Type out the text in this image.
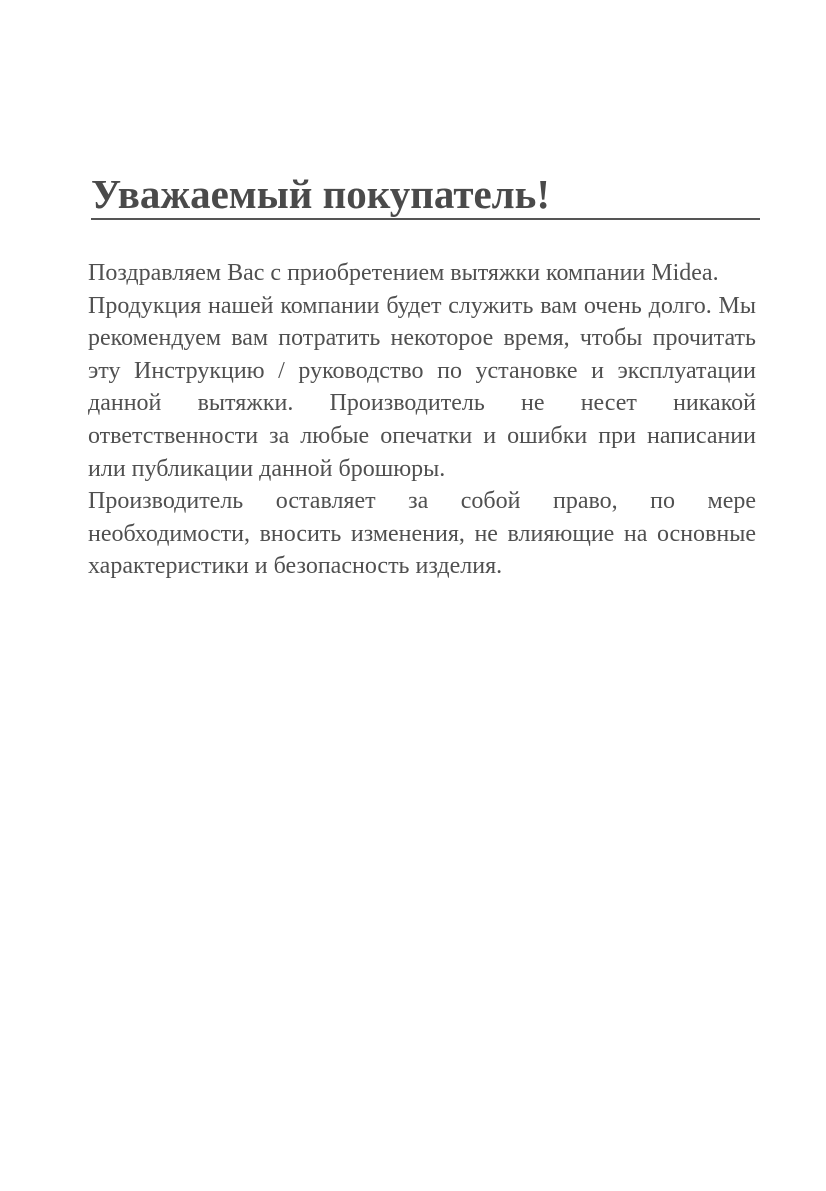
Уважаемый покупатель!

Поздравляем Вас с приобретением вытяжки компании Midea.

Продукция нашей компании будет служить вам очень долго. Мы рекомендуем вам потратить некоторое время, чтобы прочитать эту Инструкцию / руководство по установке и эксплуатации данной вытяжки. Производитель не несет никакой ответственности за любые опечатки и ошибки при написании или публикации данной брошюры.

Производитель оставляет за собой право, по мере необходимости, вносить изменения, не влияющие на основные характеристики и безопасность изделия.
